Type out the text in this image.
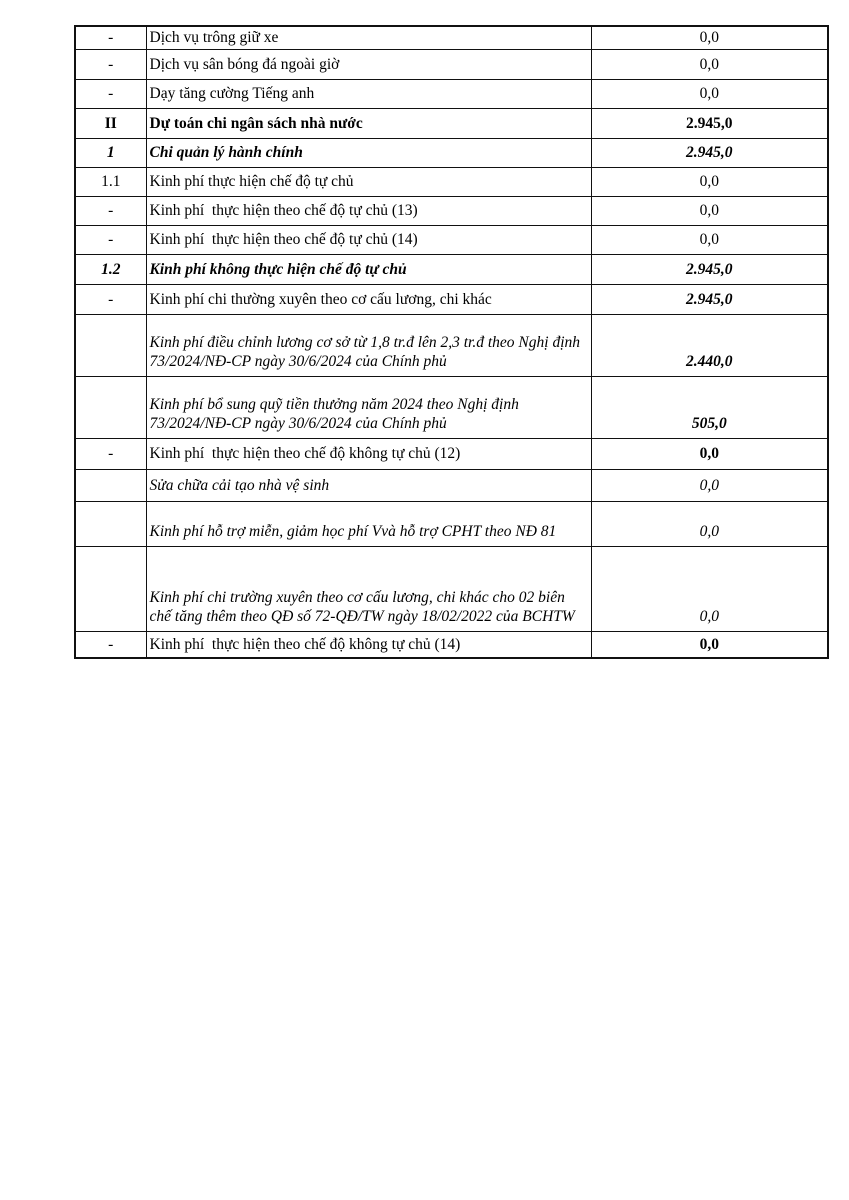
-	Dịch vụ trông giữ xe	0,0
-	Dịch vụ sân bóng đá ngoài giờ	0,0
-	Dạy tăng cường Tiếng anh	0,0
II	Dự toán chi ngân sách nhà nước	2.945,0
1	Chi quản lý hành chính	2.945,0
1.1	Kinh phí thực hiện chế độ tự chủ	0,0
-	Kinh phí  thực hiện theo chế độ tự chủ (13)	0,0
-	Kinh phí  thực hiện theo chế độ tự chủ (14)	0,0
1.2	Kinh phí không thực hiện chế độ tự chủ	2.945,0
-	Kinh phí chi thường xuyên theo cơ cấu lương, chi khác	2.945,0
	Kinh phí điều chỉnh lương cơ sở từ 1,8 tr.đ lên 2,3 tr.đ theo Nghị định 73/2024/NĐ-CP ngày 30/6/2024 của Chính phủ	2.440,0
	Kinh phí bổ sung quỹ tiền thưởng năm 2024 theo Nghị định 73/2024/NĐ-CP ngày 30/6/2024 của Chính phủ	505,0
-	Kinh phí  thực hiện theo chế độ không tự chủ (12)	0,0
	Sửa chữa cải tạo nhà vệ sinh	0,0
	Kinh phí hỗ trợ miễn, giảm học phí Vvà hỗ trợ CPHT theo NĐ 81	0,0
	Kinh phí chi trường xuyên theo cơ cấu lương, chi khác cho 02 biên chế tăng thêm theo QĐ số 72-QĐ/TW ngày 18/02/2022 của BCHTW	0,0
-	Kinh phí  thực hiện theo chế độ không tự chủ (14)	0,0
